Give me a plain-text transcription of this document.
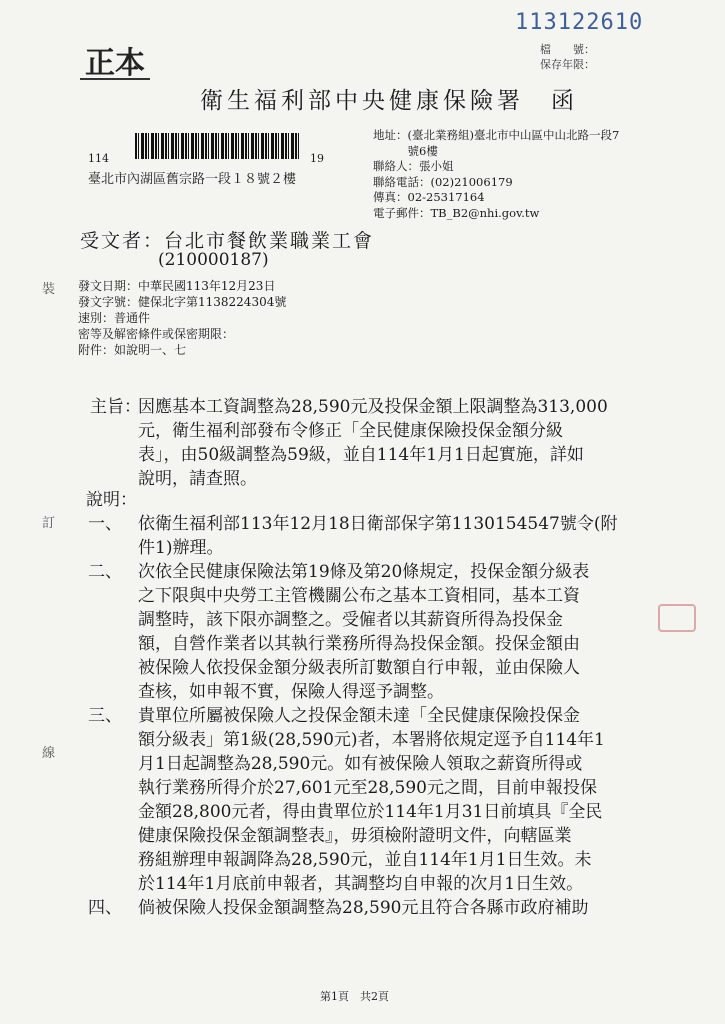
113122610
正本	檔　　號：
保存年限：
衛生福利部中央健康保險署　函
114	19
臺北市內湖區舊宗路一段１８號２樓
地址：(臺北業務組)臺北市中山區中山北路一段7
　　　號6樓
聯絡人：張小姐
聯絡電話：(02)21006179
傳真：02-25317164
電子郵件：TB_B2@nhi.gov.tw
受文者：台北市餐飲業職業工會
(210000187)
發文日期：中華民國113年12月23日
發文字號：健保北字第1138224304號
速別：普通件
密等及解密條件或保密期限：
附件：如說明一、七
裝
訂
線
主旨：
因應基本工資調整為28,590元及投保金額上限調整為313,000
元，衛生福利部發布令修正「全民健康保險投保金額分級
表」，由50級調整為59級，並自114年1月1日起實施，詳如
說明，請查照。
說明：
一、 依衛生福利部113年12月18日衛部保字第1130154547號令(附
件1)辦理。
二、 次依全民健康保險法第19條及第20條規定，投保金額分級表
之下限與中央勞工主管機關公布之基本工資相同，基本工資
調整時，該下限亦調整之。受僱者以其薪資所得為投保金
額，自營作業者以其執行業務所得為投保金額。投保金額由
被保險人依投保金額分級表所訂數額自行申報，並由保險人
查核，如申報不實，保險人得逕予調整。
三、 貴單位所屬被保險人之投保金額未達「全民健康保險投保金
額分級表」第1級(28,590元)者，本署將依規定逕予自114年1
月1日起調整為28,590元。如有被保險人領取之薪資所得或
執行業務所得介於27,601元至28,590元之間，目前申報投保
金額28,800元者，得由貴單位於114年1月31日前填具『全民
健康保險投保金額調整表』，毋須檢附證明文件，向轄區業
務組辦理申報調降為28,590元，並自114年1月1日生效。未
於114年1月底前申報者，其調整均自申報的次月1日生效。
四、 倘被保險人投保金額調整為28,590元且符合各縣市政府補助
第1頁　共2頁
